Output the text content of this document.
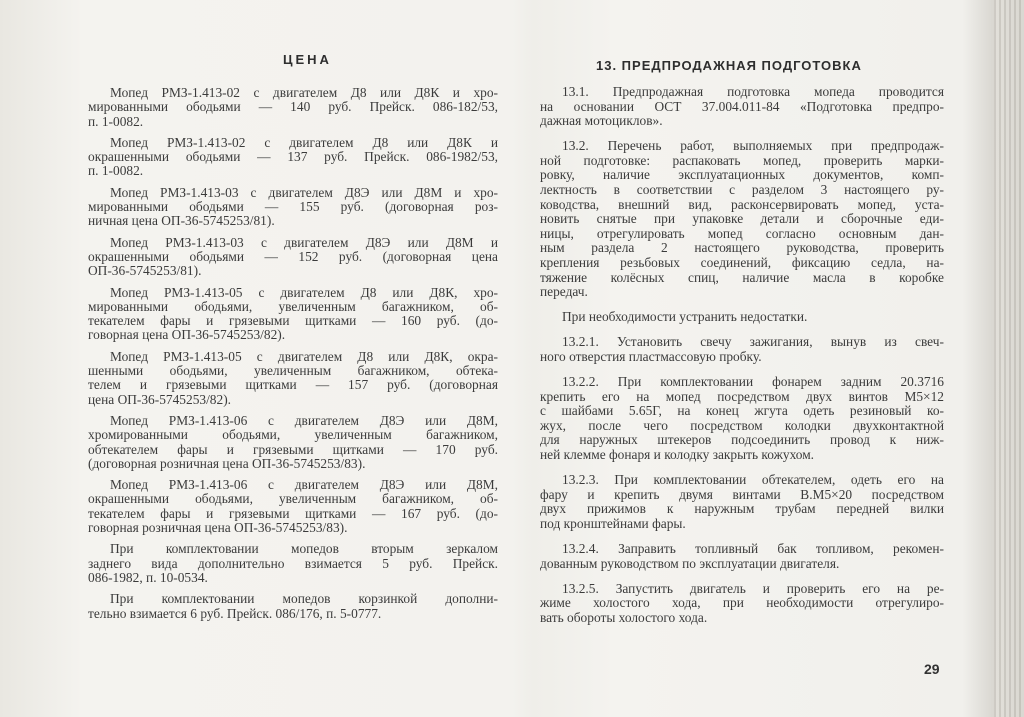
ЦЕНА
Мопед РМЗ-1.413-02 с двигателем Д8 или Д8К и хро-
мированными ободьями — 140 руб. Прейск. 086-182/53,
п. 1-0082.
Мопед РМЗ-1.413-02 с двигателем Д8 или Д8К и
окрашенными ободьями — 137 руб. Прейск. 086-1982/53,
п. 1-0082.
Мопед РМЗ-1.413-03 с двигателем Д8Э или Д8М и хро-
мированными ободьями — 155 руб. (договорная роз-
ничная цена ОП-36-5745253/81).
Мопед РМЗ-1.413-03 с двигателем Д8Э или Д8М и
окрашенными ободьями — 152 руб. (договорная цена
ОП-36-5745253/81).
Мопед РМЗ-1.413-05 с двигателем Д8 или Д8К, хро-
мированными ободьями, увеличенным багажником, об-
текателем фары и грязевыми щитками — 160 руб. (до-
говорная цена ОП-36-5745253/82).
Мопед РМЗ-1.413-05 с двигателем Д8 или Д8К, окра-
шенными ободьями, увеличенным багажником, обтека-
телем и грязевыми щитками — 157 руб. (договорная
цена ОП-36-5745253/82).
Мопед РМЗ-1.413-06 с двигателем Д8Э или Д8М,
хромированными ободьями, увеличенным багажником,
обтекателем фары и грязевыми щитками — 170 руб.
(договорная розничная цена ОП-36-5745253/83).
Мопед РМЗ-1.413-06 с двигателем Д8Э или Д8М,
окрашенными ободьями, увеличенным багажником, об-
текателем фары и грязевыми щитками — 167 руб. (до-
говорная розничная цена ОП-36-5745253/83).
При комплектовании мопедов вторым зеркалом
заднего вида дополнительно взимается 5 руб. Прейск.
086-1982, п. 10-0534.
При комплектовании мопедов корзинкой дополни-
тельно взимается 6 руб. Прейск. 086/176, п. 5-0777.
13. ПРЕДПРОДАЖНАЯ ПОДГОТОВКА
13.1. Предпродажная подготовка мопеда проводится
на основании ОСТ 37.004.011-84 «Подготовка предпро-
дажная мотоциклов».
13.2. Перечень работ, выполняемых при предпродаж-
ной подготовке: распаковать мопед, проверить марки-
ровку, наличие эксплуатационных документов, комп-
лектность в соответствии с разделом 3 настоящего ру-
ководства, внешний вид, расконсервировать мопед, уста-
новить снятые при упаковке детали и сборочные еди-
ницы, отрегулировать мопед согласно основным дан-
ным раздела 2 настоящего руководства, проверить
крепления резьбовых соединений, фиксацию седла, на-
тяжение колёсных спиц, наличие масла в коробке
передач.
При необходимости устранить недостатки.
13.2.1. Установить свечу зажигания, вынув из свеч-
ного отверстия пластмассовую пробку.
13.2.2. При комплектовании фонарем задним 20.3716
крепить его на мопед посредством двух винтов М5×12
с шайбами 5.65Г, на конец жгута одеть резиновый ко-
жух, после чего посредством колодки двухконтактной
для наружных штекеров подсоединить провод к ниж-
ней клемме фонаря и колодку закрыть кожухом.
13.2.3. При комплектовании обтекателем, одеть его на
фару и крепить двумя винтами В.М5×20 посредством
двух прижимов к наружным трубам передней вилки
под кронштейнами фары.
13.2.4. Заправить топливный бак топливом, рекомен-
дованным руководством по эксплуатации двигателя.
13.2.5. Запустить двигатель и проверить его на ре-
жиме холостого хода, при необходимости отрегулиро-
вать обороты холостого хода.
29
